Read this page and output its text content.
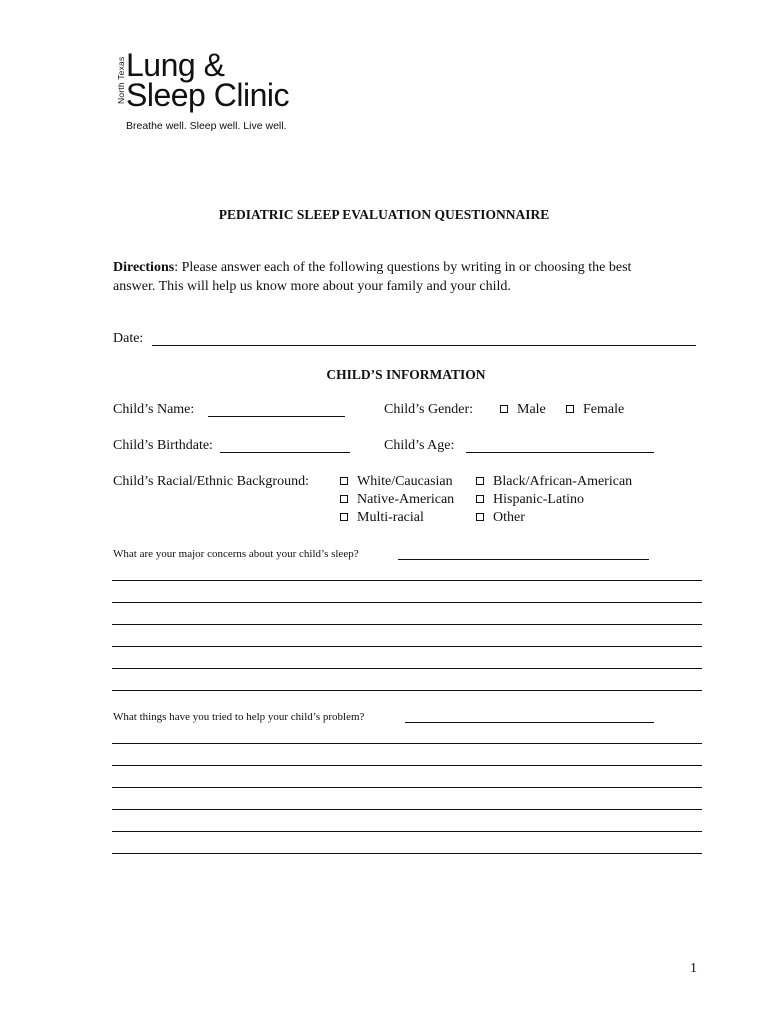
North Texas Lung &
Sleep Clinic
Breathe well. Sleep well. Live well.
PEDIATRIC SLEEP EVALUATION QUESTIONNAIRE
Directions: Please answer each of the following questions by writing in or choosing the best
answer. This will help us know more about your family and your child.
Date:
CHILD’S INFORMATION
Child’s Name:	Child’s Gender:	Male	Female
Child’s Birthdate:	Child’s Age:
Child’s Racial/Ethnic Background:	White/Caucasian	Black/African-American
Native-American	Hispanic-Latino
Multi-racial	Other
What are your major concerns about your child’s sleep?
What things have you tried to help your child’s problem?
1
